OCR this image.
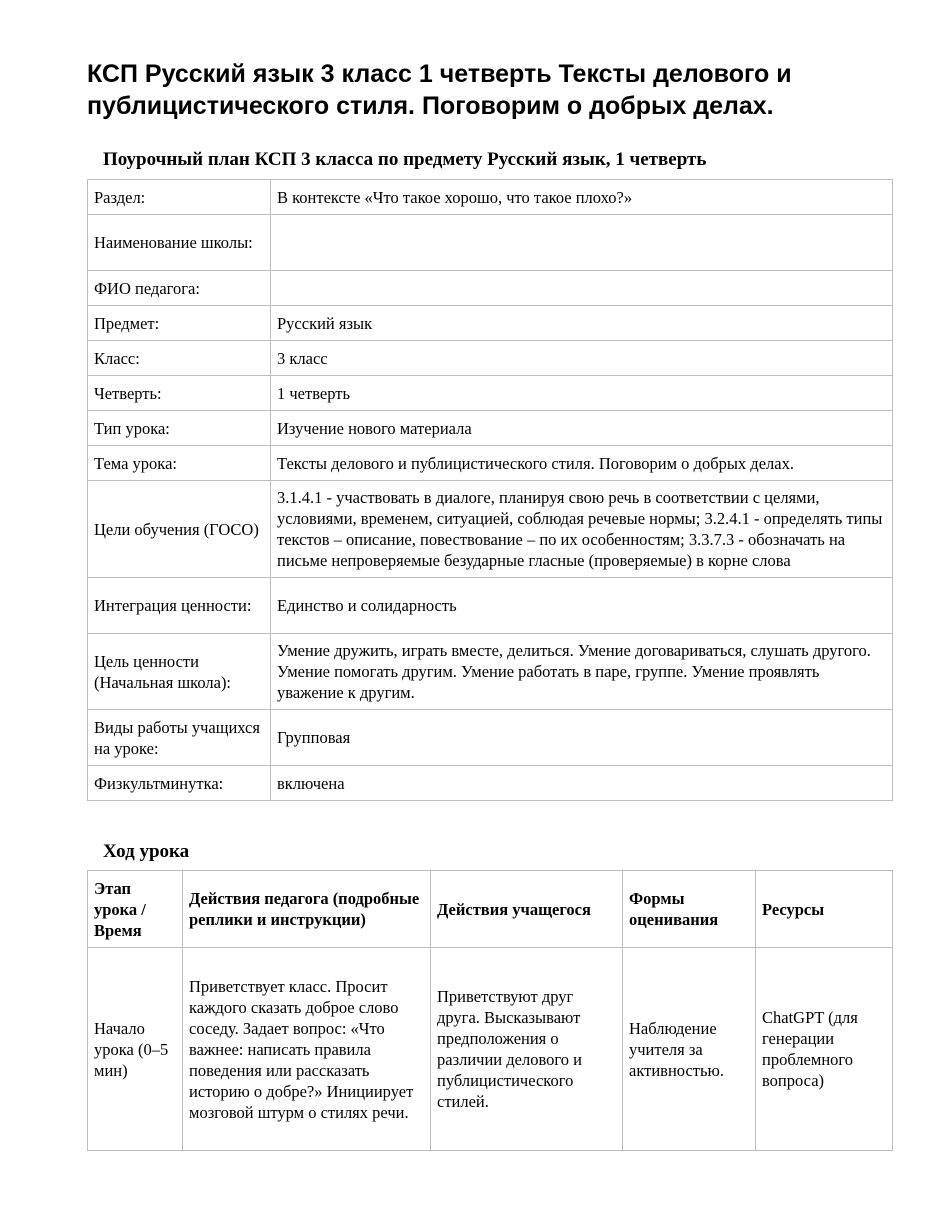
КСП Русский язык 3 класс 1 четверть Тексты делового и публицистического стиля. Поговорим о добрых делах.
Поурочный план КСП 3 класса по предмету Русский язык, 1 четверть
Раздел:	В контексте «Что такое хорошо, что такое плохо?»
Наименование школы:	
ФИО педагога:	
Предмет:	Русский язык
Класс:	3 класс
Четверть:	1 четверть
Тип урока:	Изучение нового материала
Тема урока:	Тексты делового и публицистического стиля. Поговорим о добрых делах.
Цели обучения (ГОСО)	3.1.4.1 - участвовать в диалоге, планируя свою речь в соответствии с целями, условиями, временем, ситуацией, соблюдая речевые нормы; 3.2.4.1 - определять типы текстов – описание, повествование – по их особенностям; 3.3.7.3 - обозначать на письме непроверяемые безударные гласные (проверяемые) в корне слова
Интеграция ценности:	Единство и солидарность
Цель ценности (Начальная школа):	Умение дружить, играть вместе, делиться. Умение договариваться, слушать другого. Умение помогать другим. Умение работать в паре, группе. Умение проявлять уважение к другим.
Виды работы учащихся на уроке:	Групповая
Физкультминутка:	включена
Ход урока
Этап урока / Время	Действия педагога (подробные реплики и инструкции)	Действия учащегося	Формы оценивания	Ресурсы
Начало урока (0–5 мин)	Приветствует класс. Просит каждого сказать доброе слово соседу. Задает вопрос: «Что важнее: написать правила поведения или рассказать историю о добре?» Инициирует мозговой штурм о стилях речи.	Приветствуют друг друга. Высказывают предположения о различии делового и публицистического стилей.	Наблюдение учителя за активностью.	ChatGPT (для генерации проблемного вопроса)
